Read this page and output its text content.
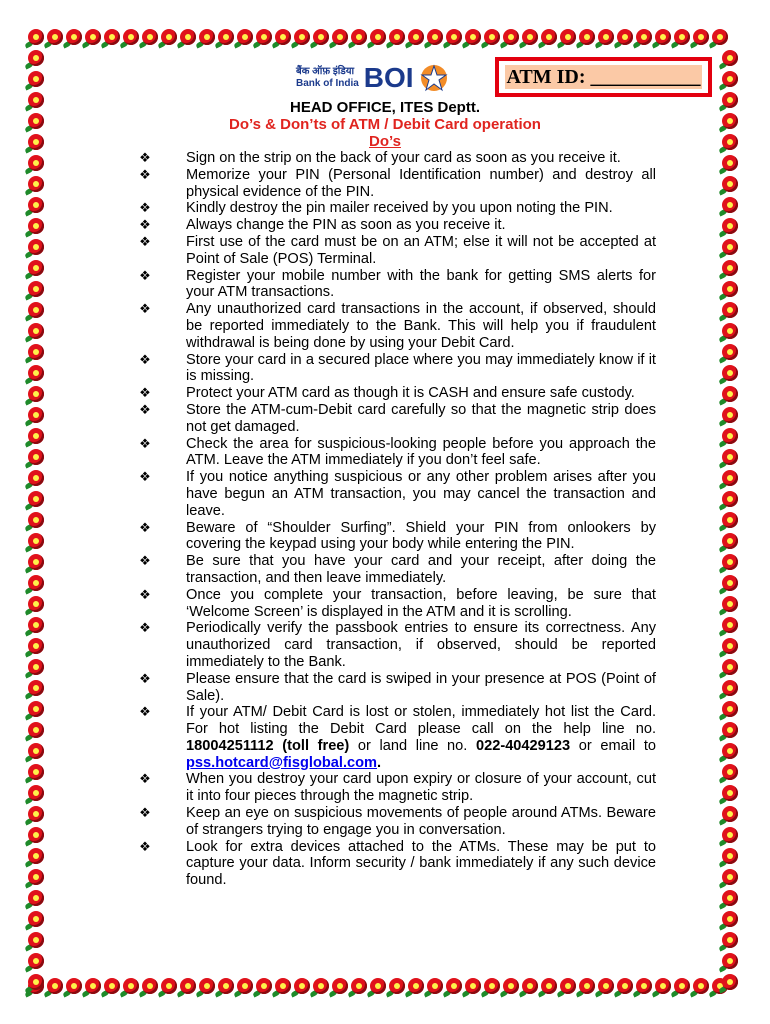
बैंक ऑफ़ इंडिया
Bank of India BOI	ATM ID: ___________
HEAD OFFICE, ITES Deptt.
Do’s & Don’ts of ATM / Debit Card operation
Do’s
❖ Sign on the strip on the back of your card as soon as you receive it.
❖ Memorize your PIN (Personal Identification number) and destroy all physical evidence of the PIN.
❖ Kindly destroy the pin mailer received by you upon noting the PIN.
❖ Always change the PIN as soon as you receive it.
❖ First use of the card must be on an ATM; else it will not be accepted at Point of Sale (POS) Terminal.
❖ Register your mobile number with the bank for getting SMS alerts for your ATM transactions.
❖ Any unauthorized card transactions in the account, if observed, should be reported immediately to the Bank. This will help you if fraudulent withdrawal is being done by using your Debit Card.
❖ Store your card in a secured place where you may immediately know if it is missing.
❖ Protect your ATM card as though it is CASH and ensure safe custody.
❖ Store the ATM-cum-Debit card carefully so that the magnetic strip does not get damaged.
❖ Check the area for suspicious-looking people before you approach the ATM. Leave the ATM immediately if you don’t feel safe.
❖ If you notice anything suspicious or any other problem arises after you have begun an ATM transaction, you may cancel the transaction and leave.
❖ Beware of “Shoulder Surfing”. Shield your PIN from onlookers by covering the keypad using your body while entering the PIN.
❖ Be sure that you have your card and your receipt, after doing the transaction, and then leave immediately.
❖ Once you complete your transaction, before leaving, be sure that ‘Welcome Screen’ is displayed in the ATM and it is scrolling.
❖ Periodically verify the passbook entries to ensure its correctness. Any unauthorized card transaction, if observed, should be reported immediately to the Bank.
❖ Please ensure that the card is swiped in your presence at POS (Point of Sale).
❖ If your ATM/ Debit Card is lost or stolen, immediately hot list the Card. For hot listing the Debit Card please call on the help line no. 18004251112 (toll free) or land line no. 022-40429123 or email to pss.hotcard@fisglobal.com.
❖ When you destroy your card upon expiry or closure of your account, cut it into four pieces through the magnetic strip.
❖ Keep an eye on suspicious movements of people around ATMs. Beware of strangers trying to engage you in conversation.
❖ Look for extra devices attached to the ATMs. These may be put to capture your data. Inform security / bank immediately if any such device found.
